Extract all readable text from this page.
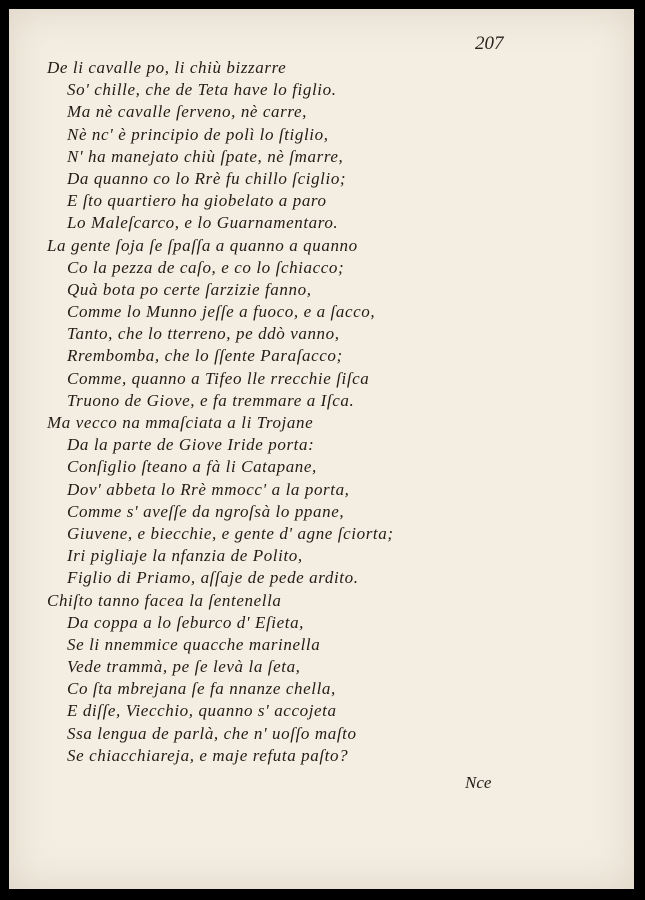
207
De li cavalle po, li chiù bizzarre
So' chille, che de Teta have lo figlio.
Ma nè cavalle ſerveno, nè carre,
Nè nc' è principio de polì lo ſtiglio,
N' ha manejato chiù ſpate, nè ſmarre,
Da quanno co lo Rrè fu chillo ſciglio;
E ſto quartiero ha giobelato a paro
Lo Maleſcarco, e lo Guarnamentaro.
La gente ſoja ſe ſpaſſa a quanno a quanno
Co la pezza de caſo, e co lo ſchiacco;
Quà bota po certe ſarzizie fanno,
Comme lo Munno jeſſe a fuoco, e a ſacco,
Tanto, che lo tterreno, pe ddò vanno,
Rrembomba, che lo ſſente Paraſacco;
Comme, quanno a Tifeo lle rrecchie ſiſca
Truono de Giove, e fa tremmare a Iſca.
Ma vecco na mmaſciata a li Trojane
Da la parte de Giove Iride porta:
Conſiglio ſteano a fà li Catapane,
Dov' abbeta lo Rrè mmocc' a la porta,
Comme s' aveſſe da ngroſsà lo ppane,
Giuvene, e biecchie, e gente d' agne ſciorta;
Iri pigliaje la nfanzia de Polito,
Figlio di Priamo, aſſaje de pede ardito.
Chiſto tanno facea la ſentenella
Da coppa a lo ſeburco d' Eſieta,
Se li nnemmice quacche marinella
Vede trammà, pe ſe levà la ſeta,
Co ſta mbrejana ſe fa nnanze chella,
E diſſe, Viecchio, quanno s' accojeta
Ssa lengua de parlà, che n' uoſſo maſto
Se chiacchiareja, e maje refuta paſto?
Nce
